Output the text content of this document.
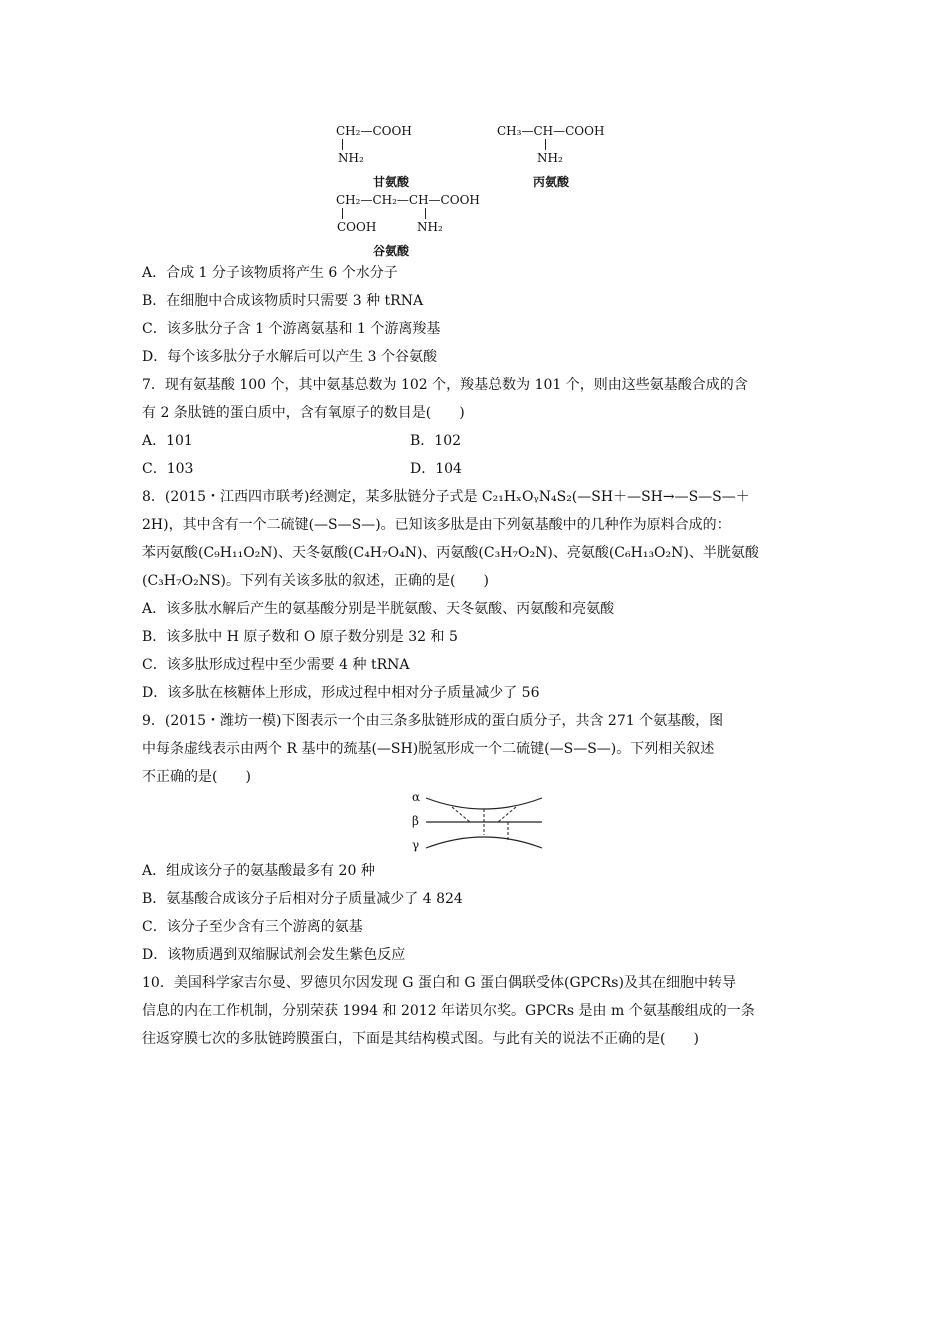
CH₂—COOH
NH₂
甘氨酸
CH₃—CH—COOH
NH₂
丙氨酸
CH₂—CH₂—CH—COOH
COOH	NH₂
谷氨酸
A．合成 1 分子该物质将产生 6 个水分子
B．在细胞中合成该物质时只需要 3 种 tRNA
C．该多肽分子含 1 个游离氨基和 1 个游离羧基
D．每个该多肽分子水解后可以产生 3 个谷氨酸
7．现有氨基酸 100 个，其中氨基总数为 102 个，羧基总数为 101 个，则由这些氨基酸合成的含
有 2 条肽链的蛋白质中，含有氧原子的数目是(　　)
A．101	B．102
C．103	D．104
8．(2015・江西四市联考)经测定，某多肽链分子式是 C₂₁HₓOᵧN₄S₂(—SH＋—SH→—S—S—＋
2H)，其中含有一个二硫键(—S—S—)。已知该多肽是由下列氨基酸中的几种作为原料合成的：
苯丙氨酸(C₉H₁₁O₂N)、天冬氨酸(C₄H₇O₄N)、丙氨酸(C₃H₇O₂N)、亮氨酸(C₆H₁₃O₂N)、半胱氨酸
(C₃H₇O₂NS)。下列有关该多肽的叙述，正确的是(　　)
A．该多肽水解后产生的氨基酸分别是半胱氨酸、天冬氨酸、丙氨酸和亮氨酸
B．该多肽中 H 原子数和 O 原子数分别是 32 和 5
C．该多肽形成过程中至少需要 4 种 tRNA
D．该多肽在核糖体上形成，形成过程中相对分子质量减少了 56
9．(2015・潍坊一模)下图表示一个由三条多肽链形成的蛋白质分子，共含 271 个氨基酸，图
中每条虚线表示由两个 R 基中的巯基(—SH)脱氢形成一个二硫键(—S—S—)。下列相关叙述
不正确的是(　　)
α
β
γ
A．组成该分子的氨基酸最多有 20 种
B．氨基酸合成该分子后相对分子质量减少了 4 824
C．该分子至少含有三个游离的氨基
D．该物质遇到双缩脲试剂会发生紫色反应
10．美国科学家吉尔曼、罗德贝尔因发现 G 蛋白和 G 蛋白偶联受体(GPCRs)及其在细胞中转导
信息的内在工作机制，分别荣获 1994 和 2012 年诺贝尔奖。GPCRs 是由 m 个氨基酸组成的一条
往返穿膜七次的多肽链跨膜蛋白，下面是其结构模式图。与此有关的说法不正确的是(　　)
